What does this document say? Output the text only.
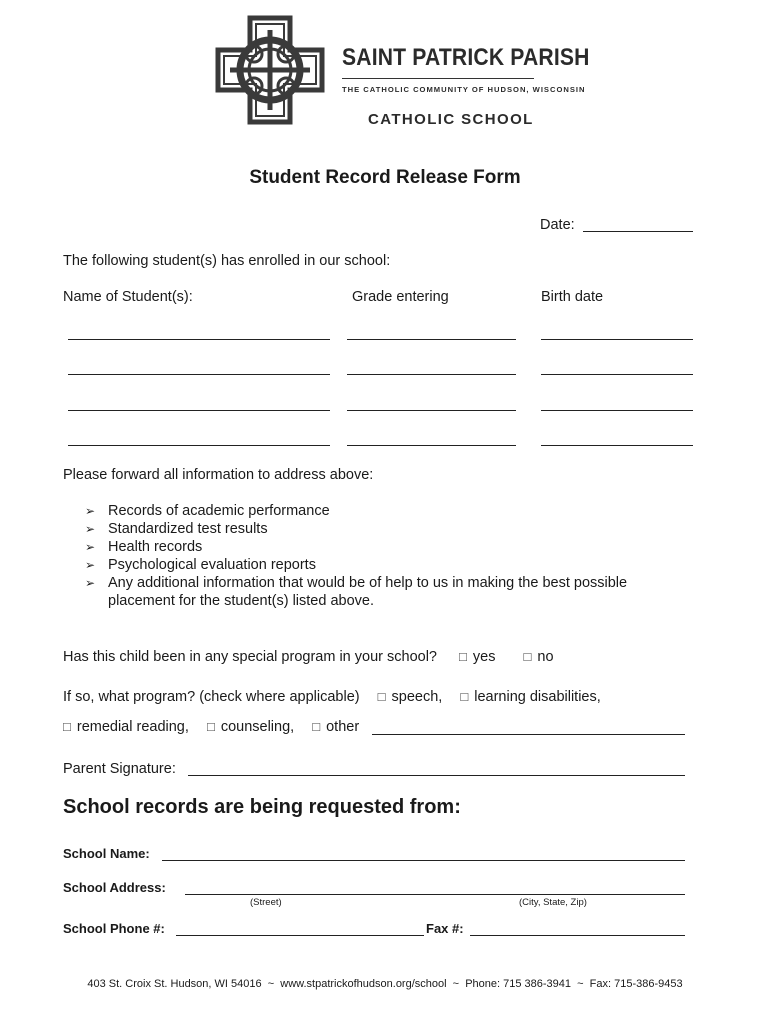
SAINT PATRICK PARISH
THE CATHOLIC COMMUNITY OF HUDSON, WISCONSIN
CATHOLIC SCHOOL
Student Record Release Form
Date:
The following student(s) has enrolled in our school:
Name of Student(s):	Grade entering	Birth date
Please forward all information to address above:
➢ Records of academic performance
➢ Standardized test results
➢ Health records
➢ Psychological evaluation reports
➢ Any additional information that would be of help to us in making the best possible placement for the student(s) listed above.
Has this child been in any special program in your school? □ yes □ no
If so, what program? (check where applicable) □ speech, □ learning disabilities,
□ remedial reading, □ counseling, □ other
Parent Signature:
School records are being requested from:
School Name:
School Address:
(Street)	(City, State, Zip)
School Phone #:	Fax #:
403 St. Croix St. Hudson, WI 54016  ~  www.stpatrickofhudson.org/school  ~  Phone: 715 386-3941  ~  Fax: 715-386-9453
